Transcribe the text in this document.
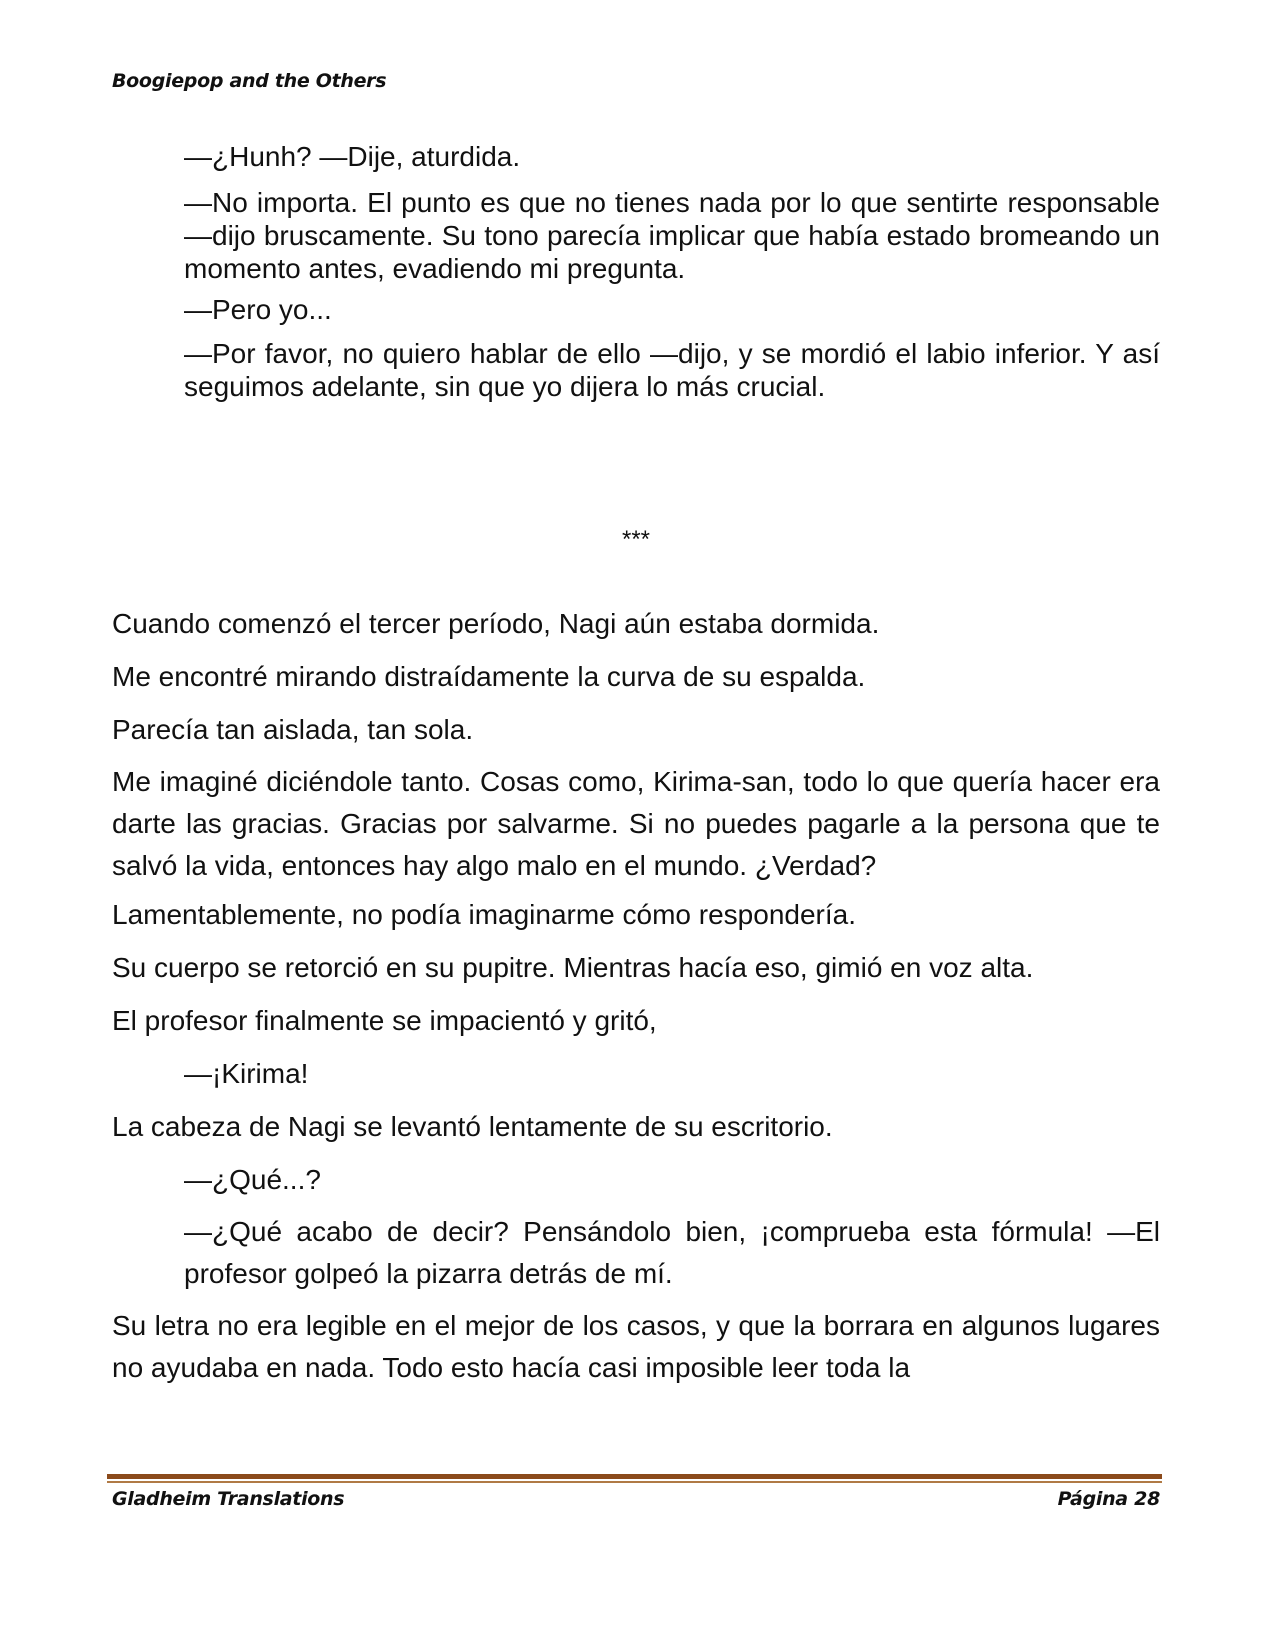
Boogiepop and the Others

—¿Hunh? —Dije, aturdida.

—No importa. El punto es que no tienes nada por lo que sentirte responsable —dijo bruscamente. Su tono parecía implicar que había estado bromeando un momento antes, evadiendo mi pregunta.

—Pero yo...

—Por favor, no quiero hablar de ello —dijo, y se mordió el labio inferior. Y así seguimos adelante, sin que yo dijera lo más crucial.

***

Cuando comenzó el tercer período, Nagi aún estaba dormida.

Me encontré mirando distraídamente la curva de su espalda.

Parecía tan aislada, tan sola.

Me imaginé diciéndole tanto. Cosas como, Kirima-san, todo lo que quería hacer era darte las gracias. Gracias por salvarme. Si no puedes pagarle a la persona que te salvó la vida, entonces hay algo malo en el mundo. ¿Verdad?

Lamentablemente, no podía imaginarme cómo respondería.

Su cuerpo se retorció en su pupitre. Mientras hacía eso, gimió en voz alta.

El profesor finalmente se impacientó y gritó,

—¡Kirima!

La cabeza de Nagi se levantó lentamente de su escritorio.

—¿Qué...?

—¿Qué acabo de decir? Pensándolo bien, ¡comprueba esta fórmula! —El profesor golpeó la pizarra detrás de mí.

Su letra no era legible en el mejor de los casos, y que la borrara en algunos lugares no ayudaba en nada. Todo esto hacía casi imposible leer toda la

Gladheim Translations	Página 28
